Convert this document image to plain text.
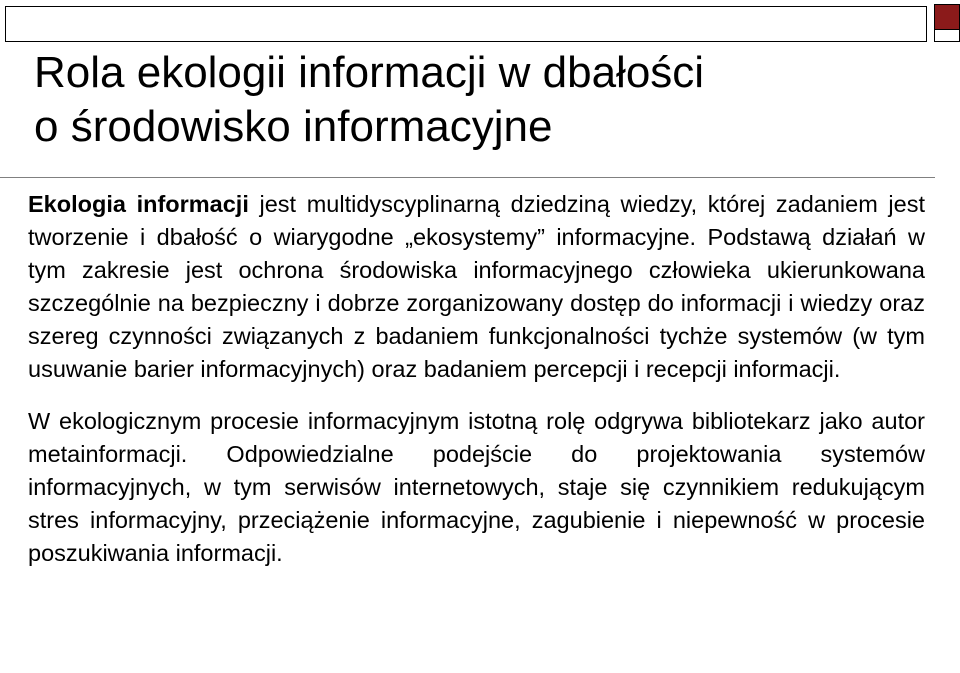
Rola ekologii informacji w dbałości
o środowisko informacyjne

Ekologia informacji jest multidyscyplinarną dziedziną wiedzy, której zadaniem jest tworzenie i dbałość o wiarygodne „ekosystemy” informacyjne. Podstawą działań w tym zakresie jest ochrona środowiska informacyjnego człowieka ukierunkowana szczególnie na bezpieczny i dobrze zorganizowany dostęp do informacji i wiedzy oraz szereg czynności związanych z badaniem funkcjonalności tychże systemów (w tym usuwanie barier informacyjnych) oraz badaniem percepcji i recepcji informacji.

W ekologicznym procesie informacyjnym istotną rolę odgrywa bibliotekarz jako autor metainformacji. Odpowiedzialne podejście do projektowania systemów informacyjnych, w tym serwisów internetowych, staje się czynnikiem redukującym stres informacyjny, przeciążenie informacyjne, zagubienie i niepewność w procesie poszukiwania informacji.
